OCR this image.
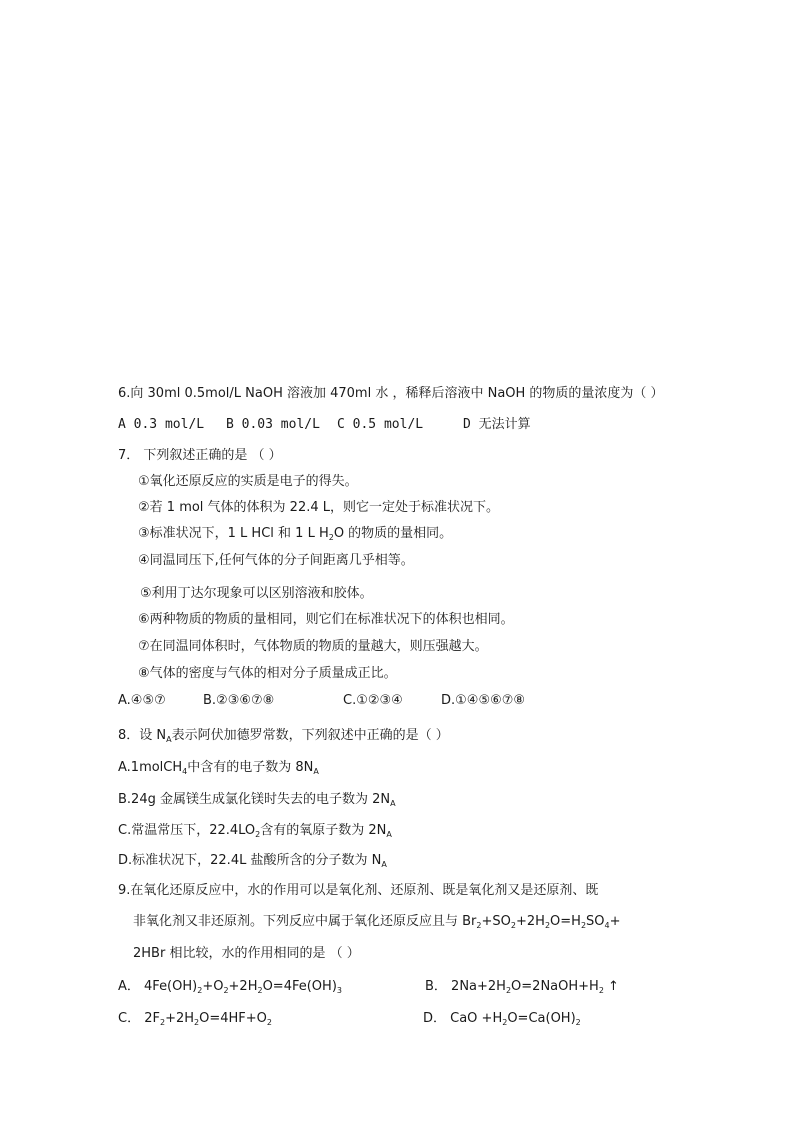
6.向 30ml 0.5mol/L NaOH 溶液加 470ml 水 ，稀释后溶液中 NaOH 的物质的量浓度为（ ）
A 0.3 mol/L B 0.03 mol/L C 0.5 mol/L	D 无法计算
7． 下列叙述正确的是 （ ）
①氧化还原反应的实质是电子的得失。
②若 1 mol 气体的体积为 22.4 L，则它一定处于标准状况下。
③标准状况下，1 L HCl 和 1 L $H_2O$ 的物质的量相同。
④同温同压下,任何气体的分子间距离几乎相等。
⑤利用丁达尔现象可以区别溶液和胶体。
⑥两种物质的物质的量相同，则它们在标准状况下的体积也相同。
⑦在同温同体积时，气体物质的物质的量越大，则压强越大。
⑧气体的密度与气体的相对分子质量成正比。
A.④⑤⑦	B.②③⑥⑦⑧	C.①②③④	D.①④⑤⑥⑦⑧
8．设 $N_A$表示阿伏加德罗常数，下列叙述中正确的是（ ）
A.1molCH$_4$中含有的电子数为 $8N_A$
B.24g 金属镁生成氯化镁时失去的电子数为 $2N_A$
C.常温常压下，$22.4LO_2$含有的氧原子数为 $2N_A$
D.标准状况下，22.4L 盐酸所含的分子数为 $N_A$
9.在氧化还原反应中，水的作用可以是氧化剂、还原剂、既是氧化剂又是还原剂、既
非氧化剂又非还原剂。下列反应中属于氧化还原反应且与 $Br_2+SO_2+2H_2O=H_2SO_4+$
2HBr 相比较，水的作用相同的是 （ ）
A． $4Fe(OH)_2+O_2+2H_2O=4Fe(OH)_3$	B． $2Na+2H_2O=2NaOH+H_2$ ↑
C． $2F_2+2H_2O=4HF+O_2$	D． CaO $+H_2O=Ca(OH)_2$
